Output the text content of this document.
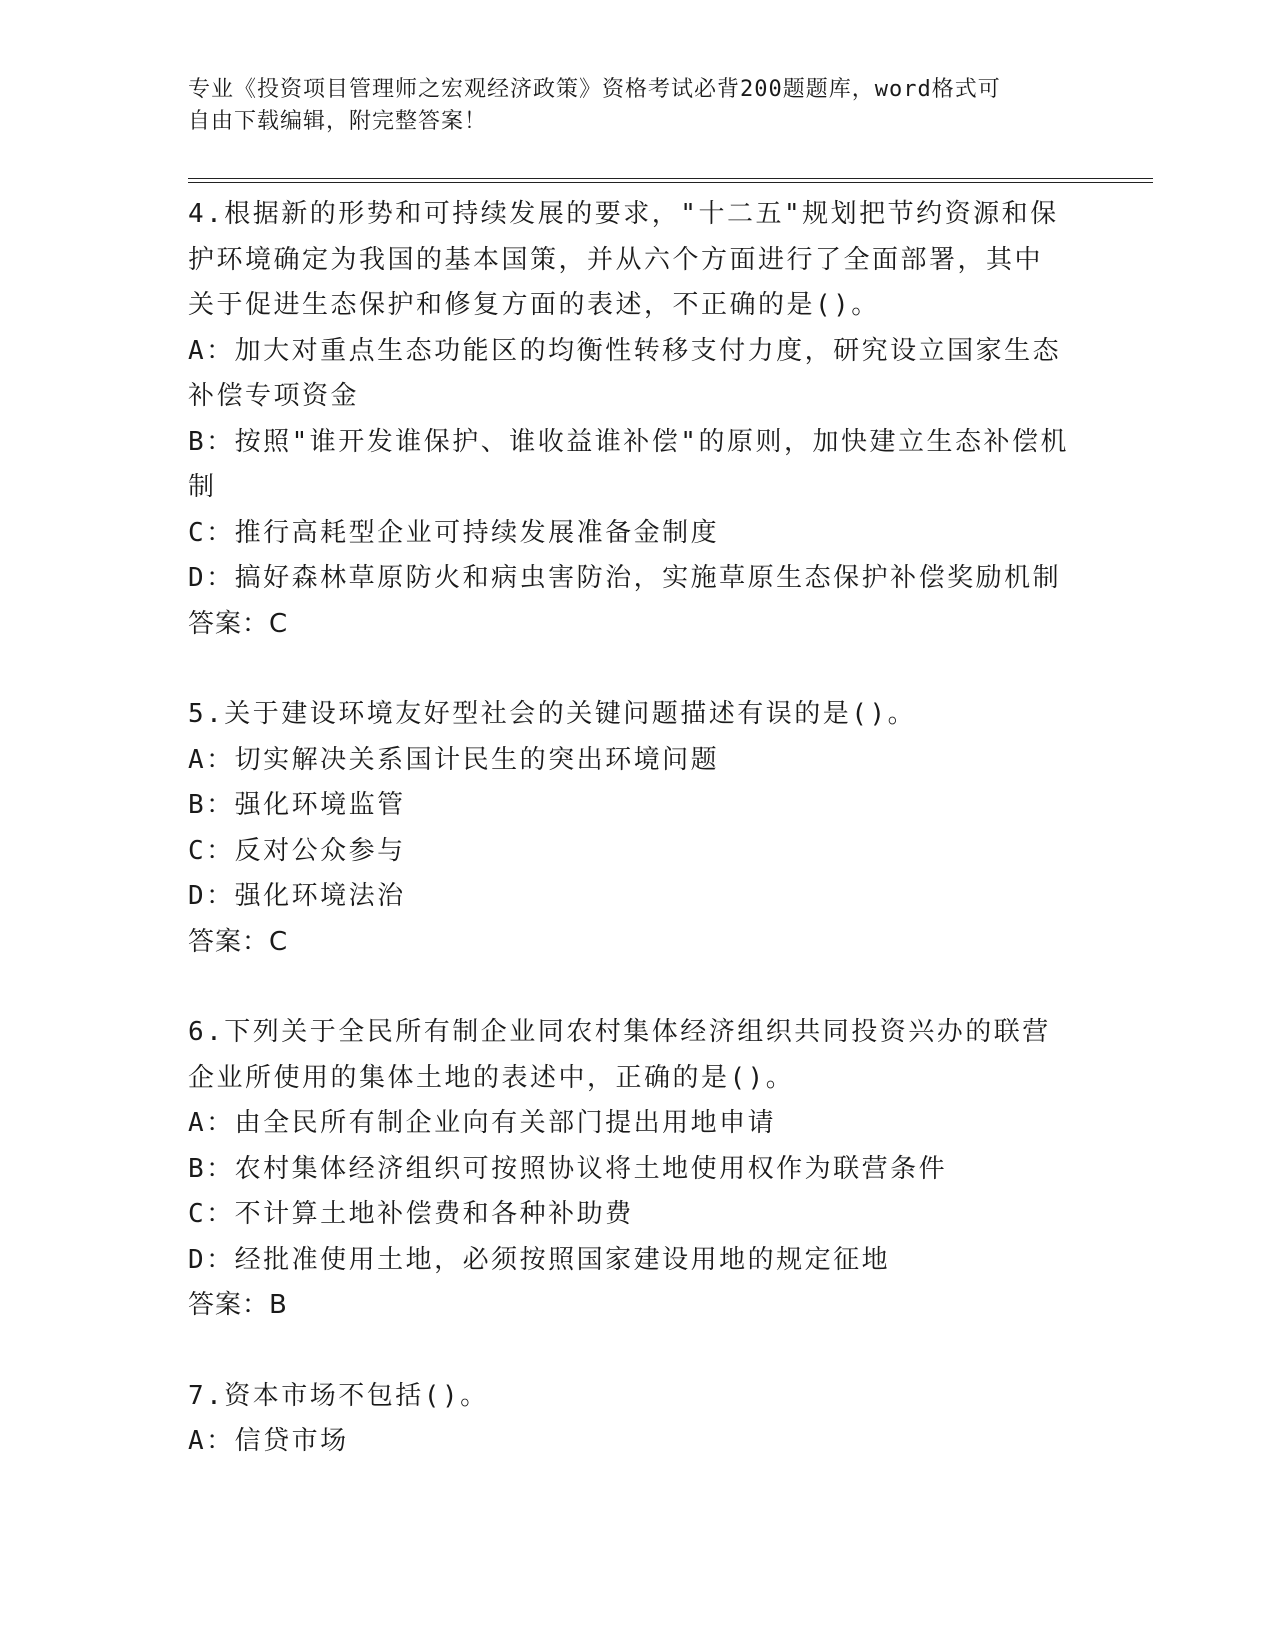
专业《投资项目管理师之宏观经济政策》资格考试必背200题题库，word格式可
自由下载编辑，附完整答案！
4.根据新的形势和可持续发展的要求，"十二五"规划把节约资源和保
护环境确定为我国的基本国策，并从六个方面进行了全面部署，其中
关于促进生态保护和修复方面的表述，不正确的是()。
A：加大对重点生态功能区的均衡性转移支付力度，研究设立国家生态
补偿专项资金
B：按照"谁开发谁保护、谁收益谁补偿"的原则，加快建立生态补偿机
制
C：推行高耗型企业可持续发展准备金制度
D：搞好森林草原防火和病虫害防治，实施草原生态保护补偿奖励机制
答案：C
5.关于建设环境友好型社会的关键问题描述有误的是()。
A：切实解决关系国计民生的突出环境问题
B：强化环境监管
C：反对公众参与
D：强化环境法治
答案：C
6.下列关于全民所有制企业同农村集体经济组织共同投资兴办的联营
企业所使用的集体土地的表述中，正确的是()。
A：由全民所有制企业向有关部门提出用地申请
B：农村集体经济组织可按照协议将土地使用权作为联营条件
C：不计算土地补偿费和各种补助费
D：经批准使用土地，必须按照国家建设用地的规定征地
答案：B
7.资本市场不包括()。
A：信贷市场
